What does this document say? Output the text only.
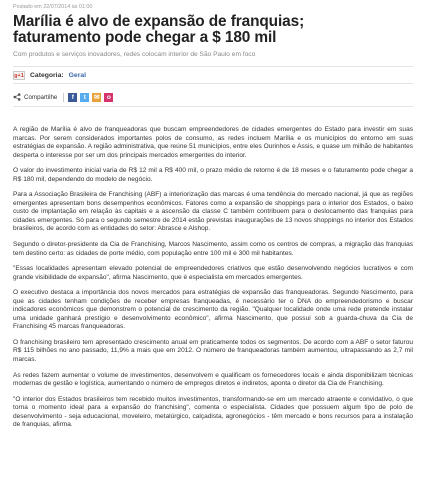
Postado em 22/07/2014 às 01:00
Marília é alvo de expansão de franquias;
faturamento pode chegar a $ 180 mil
Com produtos e serviços inovadores, redes colocam interior de São Paulo em foco
g+1 Categoria: Geral
Compartilhe	f	t	✉	o

A região de Marília é alvo de franqueadoras que buscam empreendedores de cidades emergentes do Estado para investir em suas marcas. Por serem considerados importantes polos de consumo, as redes incluem Marília e os municípios do entorno em suas estratégias de expansão. A região administrativa, que reúne 51 municípios, entre eles Ourinhos e Assis, e quase um milhão de habitantes desperta o interesse por ser um dos principais mercados emergentes do interior.

O valor do investimento inicial varia de R$ 12 mil a R$ 400 mil, o prazo médio de retorno é de 18 meses e o faturamento pode chegar a R$ 180 mil, dependendo do modelo de negócio.

Para a Associação Brasileira de Franchising (ABF) a interiorização das marcas é uma tendência do mercado nacional, já que as regiões emergentes apresentam bons desempenhos econômicos. Fatores como a expansão de shoppings para o interior dos Estados, o baixo custo de implantação em relação às capitais e a ascensão da classe C também contribuem para o deslocamento das franquias para cidades emergentes. Só para o segundo semestre de 2014 estão previstas inaugurações de 13 novos shoppings no interior dos Estados brasileiros, de acordo com as entidades do setor: Abrasce e Alshop.

Segundo o diretor-presidente da Cia de Franchising, Marcos Nascimento, assim como os centros de compras, a migração das franquias tem destino certo: as cidades de porte médio, com população entre 100 mil e 300 mil habitantes.

"Essas localidades apresentam elevado potencial de empreendedores criativos que estão desenvolvendo negócios lucrativos e com grande visibilidade de expansão", afirma Nascimento, que é especialista em mercados emergentes.

O executivo destaca a importância dos novos mercados para estratégias de expansão das franqueadoras. Segundo Nascimento, para que as cidades tenham condições de receber empresas franqueadas, é necessário ter o DNA do empreendedorismo e buscar indicadores econômicos que demonstrem o potencial de crescimento da região. "Qualquer localidade onde uma rede pretende instalar uma unidade ganhará prestígio e desenvolvimento econômico", afirma Nascimento, que possui sob a guarda-chuva da Cia de Franchising 45 marcas franqueadoras.

O franchising brasileiro tem apresentado crescimento anual em praticamente todos os segmentos. De acordo com a ABF o setor faturou R$ 115 bilhões no ano passado, 11,9% a mais que em 2012. O número de franqueadoras também aumentou, ultrapassando as 2,7 mil marcas.

As redes fazem aumentar o volume de investimentos, desenvolvem e qualificam os fornecedores locais e ainda disponibilizam técnicas modernas de gestão e logística, aumentando o número de empregos diretos e indiretos, aponta o diretor da Cia de Franchising.

"O interior dos Estados brasileiros tem recebido muitos investimentos, transformando-se em um mercado atraente e convidativo, o que torna o momento ideal para a expansão do franchising", comenta o especialista. Cidades que possuem algum tipo de polo de desenvolvimento - seja educacional, moveleiro, metalúrgico, calçadista, agronegócios - têm mercado e bons recursos para a instalação de franquias, afirma.
